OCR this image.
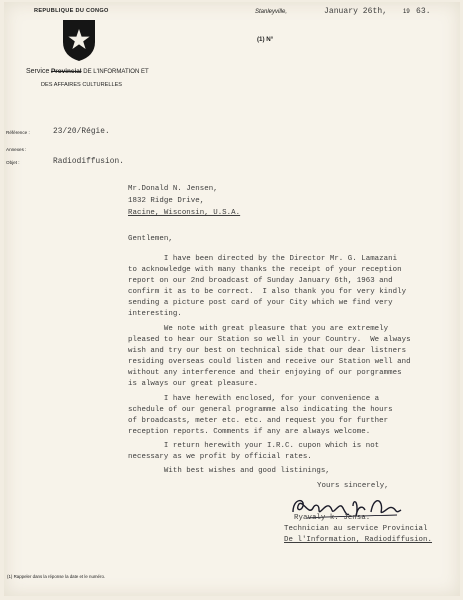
REPUBLIQUE DU CONGO
Service Provincial DE L'INFORMATION ET
DES AFFAIRES CULTURELLES
Stanleyville,	January 26th,	19 63.
(1) N°
Référence :	23/20/Régie.
Annexes :
Objet :	Radiodiffusion.
Mr.Donald N. Jensen,
1832 Ridge Drive,
Racine, Wisconsin, U.S.A.
Gentlemen,
I have been directed by the Director Mr. G. Lamazani
to acknowledge with many thanks the receipt of your reception
report on our 2nd broadcast of Sunday January 6th, 1963 and
confirm it as to be correct.  I also thank you for very kindly
sending a picture post card of your City which we find very
interesting.
We note with great pleasure that you are extremely
pleased to hear our Station so well in your Country.  We always
wish and try our best on technical side that our dear listners
residing overseas could listen and receive our Station well and
without any interference and their enjoying of our porgrammes
is always our great pleasure.
I have herewith enclosed, for your convenience a
schedule of our general programme also indicating the hours
of broadcasts, meter etc. etc. and request you for further
reception reports. Comments if any are always welcome.
I return herewith your I.R.C. cupon which is not
necessary as we profit by official rates.
With best wishes and good listinings,
Yours sincerely,
Ryavaly k. Jensa.
Technician au service Provincial
De l'Information, Radiodiffusion.
(1) Rappeler dans la réponse la date et le numéro.
